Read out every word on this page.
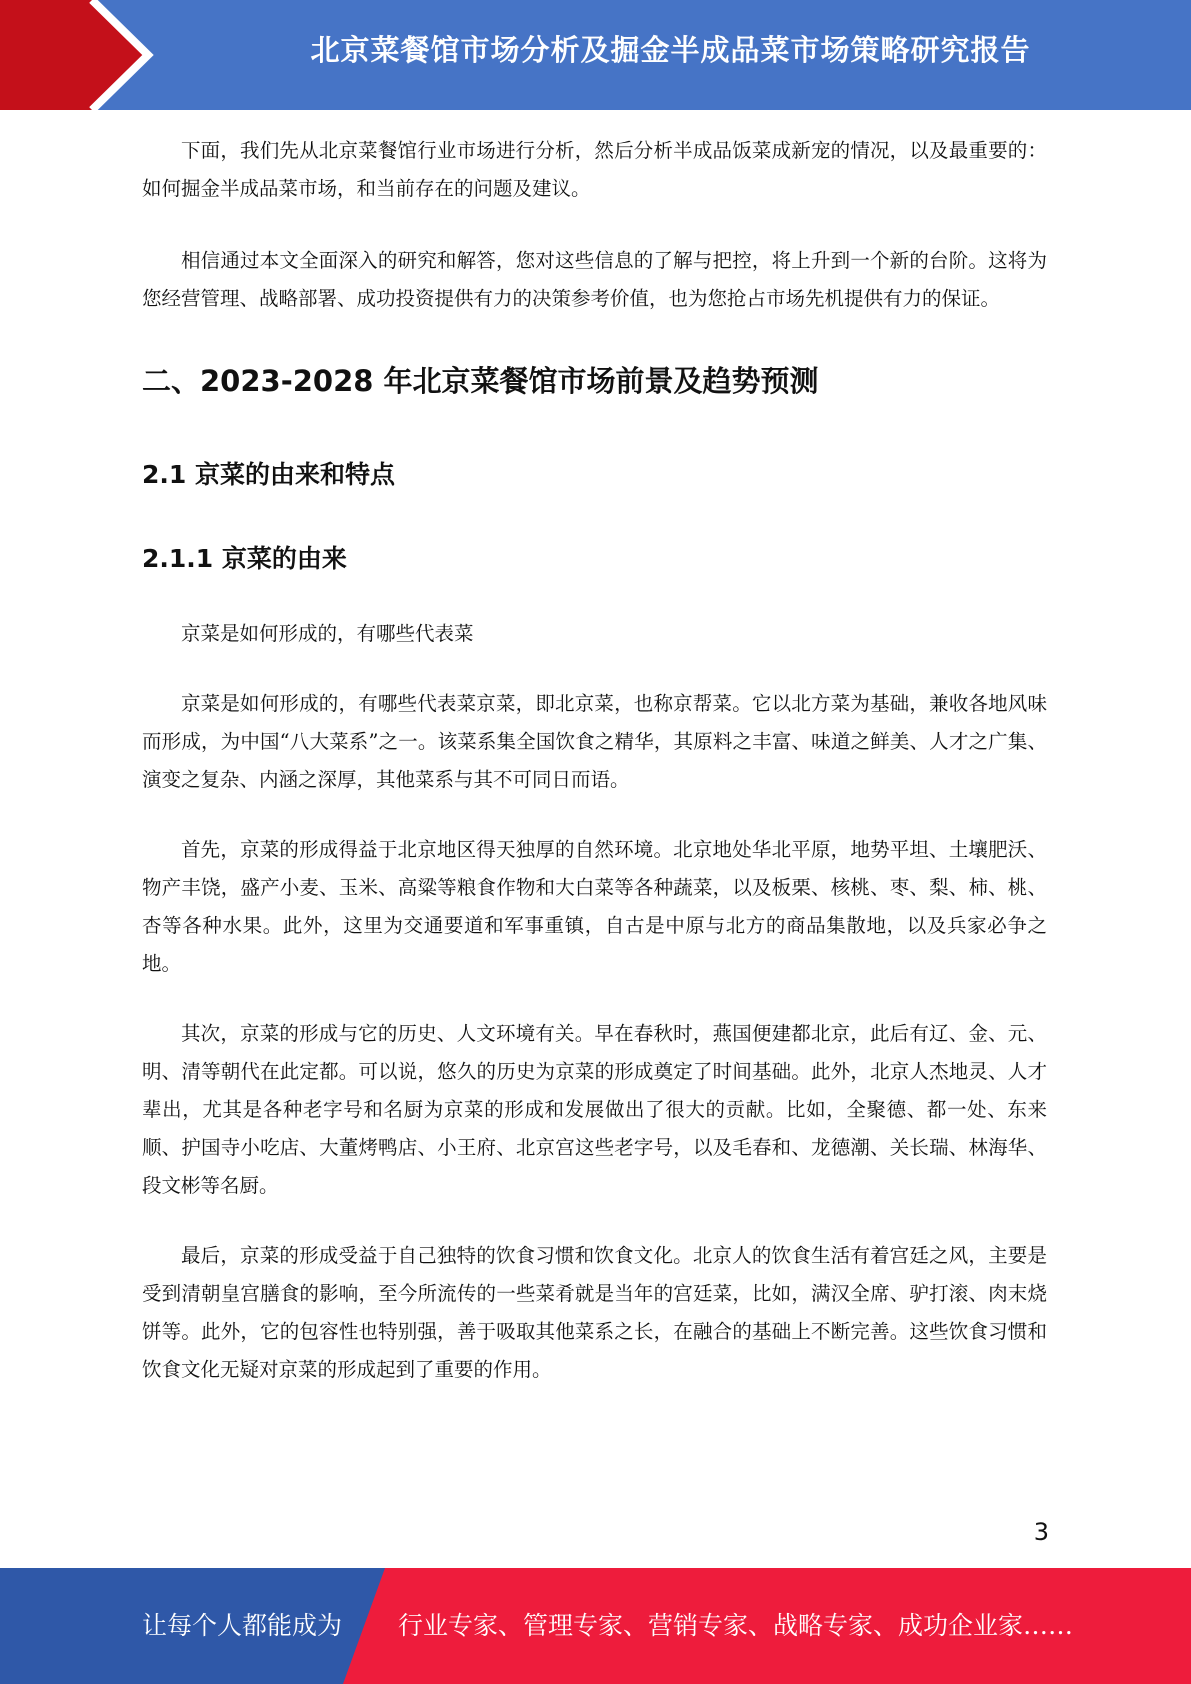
北京菜餐馆市场分析及掘金半成品菜市场策略研究报告

下面，我们先从北京菜餐馆行业市场进行分析，然后分析半成品饭菜成新宠的情况，以及最重要的：如何掘金半成品菜市场，和当前存在的问题及建议。

相信通过本文全面深入的研究和解答，您对这些信息的了解与把控，将上升到一个新的台阶。这将为您经营管理、战略部署、成功投资提供有力的决策参考价值，也为您抢占市场先机提供有力的保证。

二、2023-2028 年北京菜餐馆市场前景及趋势预测
2.1 京菜的由来和特点
2.1.1 京菜的由来

京菜是如何形成的，有哪些代表菜

京菜是如何形成的，有哪些代表菜京菜，即北京菜，也称京帮菜。它以北方菜为基础，兼收各地风味而形成，为中国“八大菜系”之一。该菜系集全国饮食之精华，其原料之丰富、味道之鲜美、人才之广集、演变之复杂、内涵之深厚，其他菜系与其不可同日而语。

首先，京菜的形成得益于北京地区得天独厚的自然环境。北京地处华北平原，地势平坦、土壤肥沃、物产丰饶，盛产小麦、玉米、高粱等粮食作物和大白菜等各种蔬菜，以及板栗、核桃、枣、梨、柿、桃、杏等各种水果。此外，这里为交通要道和军事重镇，自古是中原与北方的商品集散地，以及兵家必争之地。

其次，京菜的形成与它的历史、人文环境有关。早在春秋时，燕国便建都北京，此后有辽、金、元、明、清等朝代在此定都。可以说，悠久的历史为京菜的形成奠定了时间基础。此外，北京人杰地灵、人才辈出，尤其是各种老字号和名厨为京菜的形成和发展做出了很大的贡献。比如，全聚德、都一处、东来顺、护国寺小吃店、大董烤鸭店、小王府、北京宫这些老字号，以及毛春和、龙德潮、关长瑞、林海华、段文彬等名厨。

最后，京菜的形成受益于自己独特的饮食习惯和饮食文化。北京人的饮食生活有着宫廷之风，主要是受到清朝皇宫膳食的影响，至今所流传的一些菜肴就是当年的宫廷菜，比如，满汉全席、驴打滚、肉末烧饼等。此外，它的包容性也特别强，善于吸取其他菜系之长，在融合的基础上不断完善。这些饮食习惯和饮食文化无疑对京菜的形成起到了重要的作用。

3
让每个人都能成为 行业专家、管理专家、营销专家、战略专家、成功企业家……
